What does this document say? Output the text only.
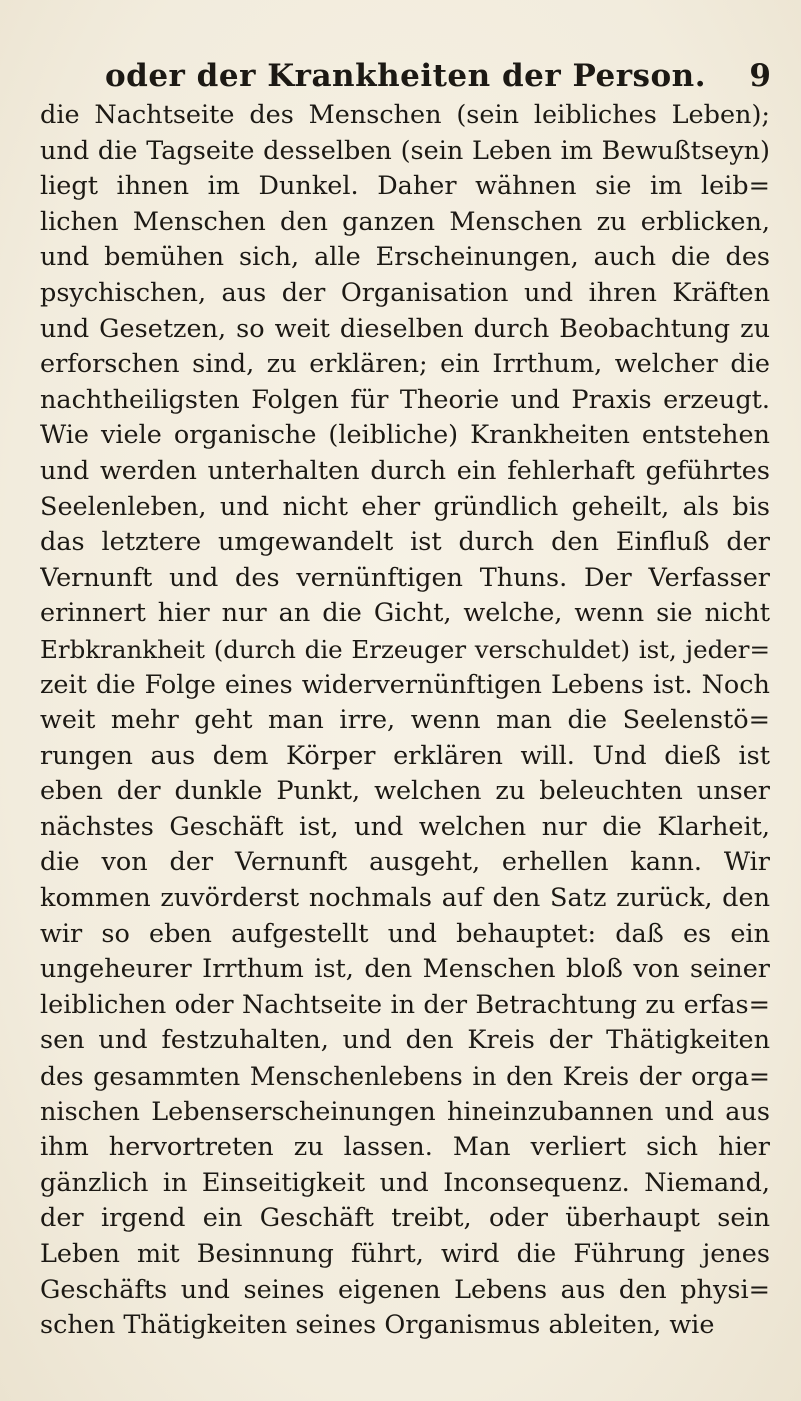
oder der Krankheiten der Person.	9
die Nachtseite des Menschen (sein leibliches Leben);
und die Tagseite desselben (sein Leben im Bewußtseyn)
liegt ihnen im Dunkel. Daher wähnen sie im leib=
lichen Menschen den ganzen Menschen zu erblicken,
und bemühen sich, alle Erscheinungen, auch die des
psychischen, aus der Organisation und ihren Kräften
und Gesetzen, so weit dieselben durch Beobachtung zu
erforschen sind, zu erklären; ein Irrthum, welcher die
nachtheiligsten Folgen für Theorie und Praxis erzeugt.
Wie viele organische (leibliche) Krankheiten entstehen
und werden unterhalten durch ein fehlerhaft geführtes
Seelenleben, und nicht eher gründlich geheilt, als bis
das letztere umgewandelt ist durch den Einfluß der
Vernunft und des vernünftigen Thuns. Der Verfasser
erinnert hier nur an die Gicht, welche, wenn sie nicht
Erbkrankheit (durch die Erzeuger verschuldet) ist, jeder=
zeit die Folge eines widervernünftigen Lebens ist. Noch
weit mehr geht man irre, wenn man die Seelenstö=
rungen aus dem Körper erklären will. Und dieß ist
eben der dunkle Punkt, welchen zu beleuchten unser
nächstes Geschäft ist, und welchen nur die Klarheit,
die von der Vernunft ausgeht, erhellen kann. Wir
kommen zuvörderst nochmals auf den Satz zurück, den
wir so eben aufgestellt und behauptet: daß es ein
ungeheurer Irrthum ist, den Menschen bloß von seiner
leiblichen oder Nachtseite in der Betrachtung zu erfas=
sen und festzuhalten, und den Kreis der Thätigkeiten
des gesammten Menschenlebens in den Kreis der orga=
nischen Lebenserscheinungen hineinzubannen und aus
ihm hervortreten zu lassen. Man verliert sich hier
gänzlich in Einseitigkeit und Inconsequenz. Niemand,
der irgend ein Geschäft treibt, oder überhaupt sein
Leben mit Besinnung führt, wird die Führung jenes
Geschäfts und seines eigenen Lebens aus den physi=
schen Thätigkeiten seines Organismus ableiten, wie
